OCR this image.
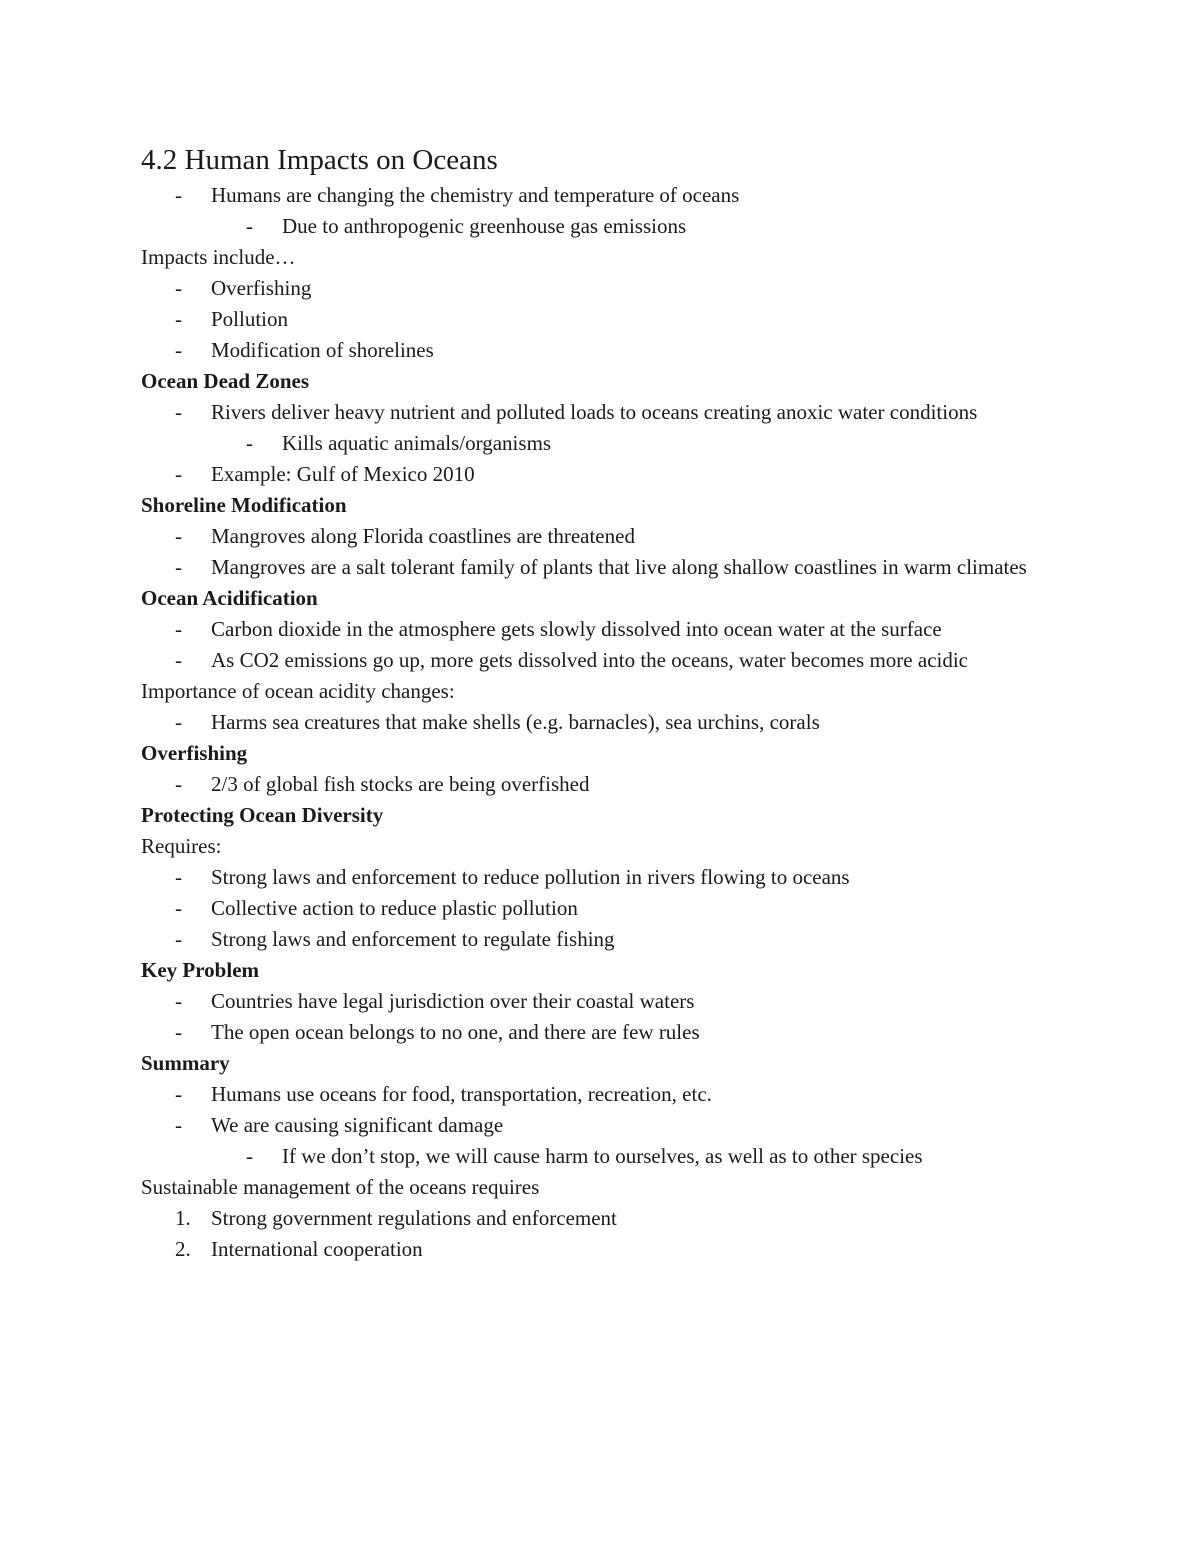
4.2 Human Impacts on Oceans
-	Humans are changing the chemistry and temperature of oceans
-	Due to anthropogenic greenhouse gas emissions

Impacts include…

-	Overfishing
-	Pollution
-	Modification of shorelines

Ocean Dead Zones

-	Rivers deliver heavy nutrient and polluted loads to oceans creating anoxic water conditions
-	Kills aquatic animals/organisms
-	Example: Gulf of Mexico 2010

Shoreline Modification

-	Mangroves along Florida coastlines are threatened
-	Mangroves are a salt tolerant family of plants that live along shallow coastlines in warm climates

Ocean Acidification

-	Carbon dioxide in the atmosphere gets slowly dissolved into ocean water at the surface
-	As CO2 emissions go up, more gets dissolved into the oceans, water becomes more acidic

Importance of ocean acidity changes:

-	Harms sea creatures that make shells (e.g. barnacles), sea urchins, corals

Overfishing

-	2/3 of global fish stocks are being overfished

Protecting Ocean Diversity

Requires:

-	Strong laws and enforcement to reduce pollution in rivers flowing to oceans
-	Collective action to reduce plastic pollution
-	Strong laws and enforcement to regulate fishing

Key Problem

-	Countries have legal jurisdiction over their coastal waters
-	The open ocean belongs to no one, and there are few rules

Summary

-	Humans use oceans for food, transportation, recreation, etc.
-	We are causing significant damage
-	If we don’t stop, we will cause harm to ourselves, as well as to other species

Sustainable management of the oceans requires

1. Strong government regulations and enforcement
2. International cooperation
